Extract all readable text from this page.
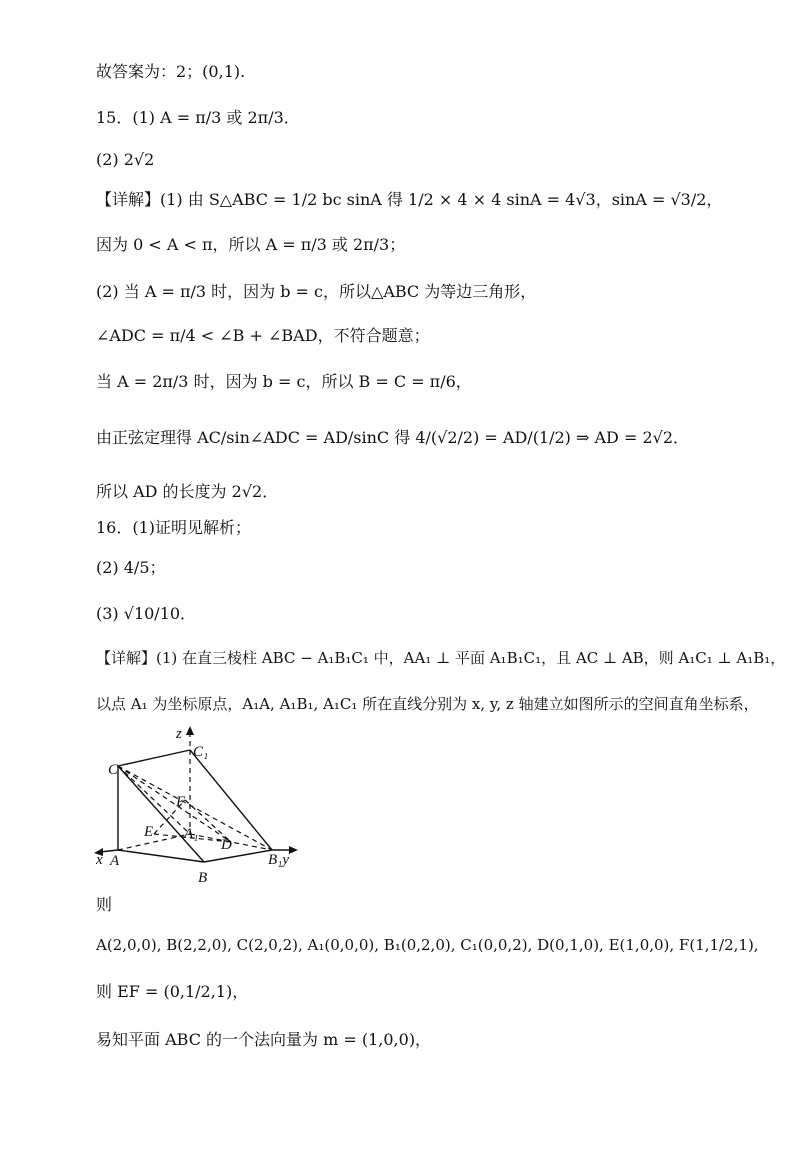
故答案为：2；(0,1).
15．(1) A = π/3 或 2π/3．
(2) 2√2
【详解】(1) 由 S△ABC = 1/2 bc sinA 得 1/2 × 4 × 4 sinA = 4√3，sinA = √3/2，
因为 0 < A < π，所以 A = π/3 或 2π/3；
(2) 当 A = π/3 时，因为 b = c，所以△ABC 为等边三角形，
∠ADC = π/4 < ∠B + ∠BAD，不符合题意；
当 A = 2π/3 时，因为 b = c，所以 B = C = π/6，
由正弦定理得 AC/sin∠ADC = AD/sinC 得 4/(√2/2) = AD/(1/2) ⇒ AD = 2√2．
所以 AD 的长度为 2√2．
16．(1)证明见解析；
(2) 4/5；
(3) √10/10．
【详解】(1) 在直三棱柱 ABC − A₁B₁C₁ 中，AA₁ ⊥ 平面 A₁B₁C₁，且 AC ⊥ AB，则 A₁C₁ ⊥ A₁B₁，
以点 A₁ 为坐标原点，A₁A, A₁B₁, A₁C₁ 所在直线分别为 x, y, z 轴建立如图所示的空间直角坐标系，
z
C₁
C
F
E A₁
D
x A
B
B₁y
则
A(2,0,0), B(2,2,0), C(2,0,2), A₁(0,0,0), B₁(0,2,0), C₁(0,0,2), D(0,1,0), E(1,0,0), F(1,1/2,1),
则 EF = (0,1/2,1)，
易知平面 ABC 的一个法向量为 m = (1,0,0)，
